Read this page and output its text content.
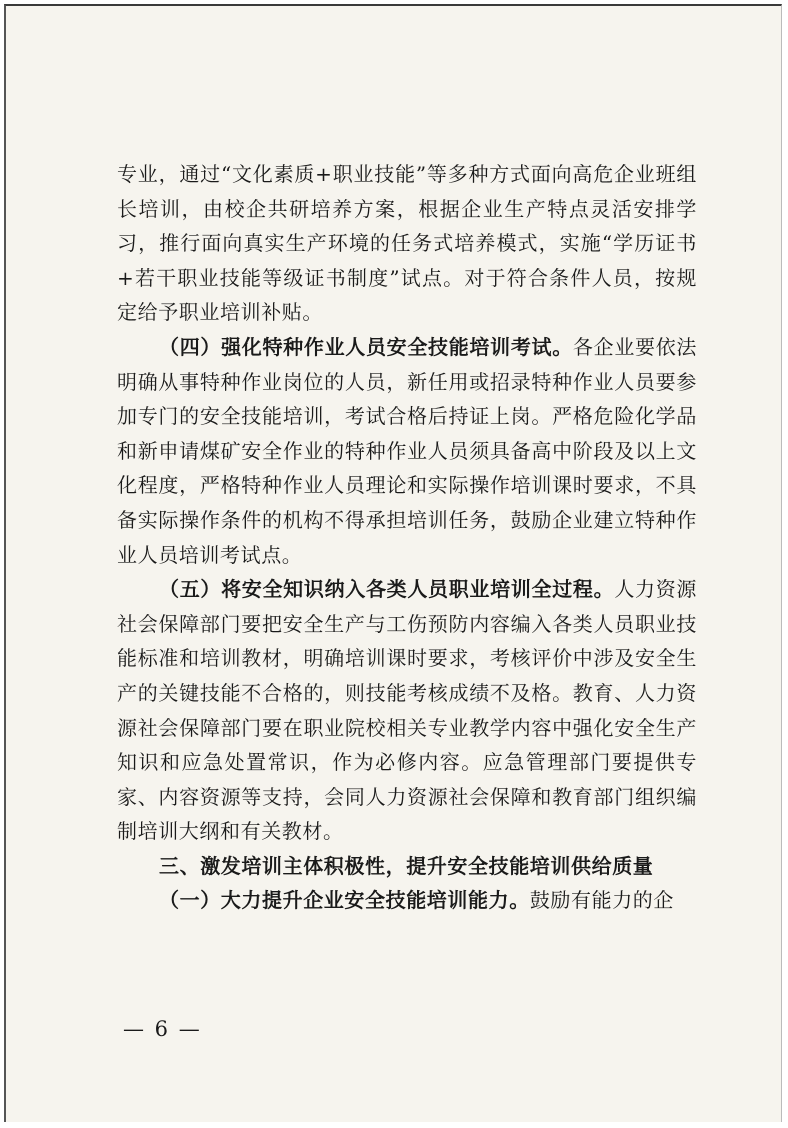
专业，通过“文化素质+职业技能”等多种方式面向高危企业班组长培训，由校企共研培养方案，根据企业生产特点灵活安排学习，推行面向真实生产环境的任务式培养模式，实施“学历证书+若干职业技能等级证书制度”试点。对于符合条件人员，按规定给予职业培训补贴。

（四）强化特种作业人员安全技能培训考试。各企业要依法明确从事特种作业岗位的人员，新任用或招录特种作业人员要参加专门的安全技能培训，考试合格后持证上岗。严格危险化学品和新申请煤矿安全作业的特种作业人员须具备高中阶段及以上文化程度，严格特种作业人员理论和实际操作培训课时要求，不具备实际操作条件的机构不得承担培训任务，鼓励企业建立特种作业人员培训考试点。

（五）将安全知识纳入各类人员职业培训全过程。人力资源社会保障部门要把安全生产与工伤预防内容编入各类人员职业技能标准和培训教材，明确培训课时要求，考核评价中涉及安全生产的关键技能不合格的，则技能考核成绩不及格。教育、人力资源社会保障部门要在职业院校相关专业教学内容中强化安全生产知识和应急处置常识，作为必修内容。应急管理部门要提供专家、内容资源等支持，会同人力资源社会保障和教育部门组织编制培训大纲和有关教材。

三、激发培训主体积极性，提升安全技能培训供给质量

（一）大力提升企业安全技能培训能力。鼓励有能力的企

— 6 —
